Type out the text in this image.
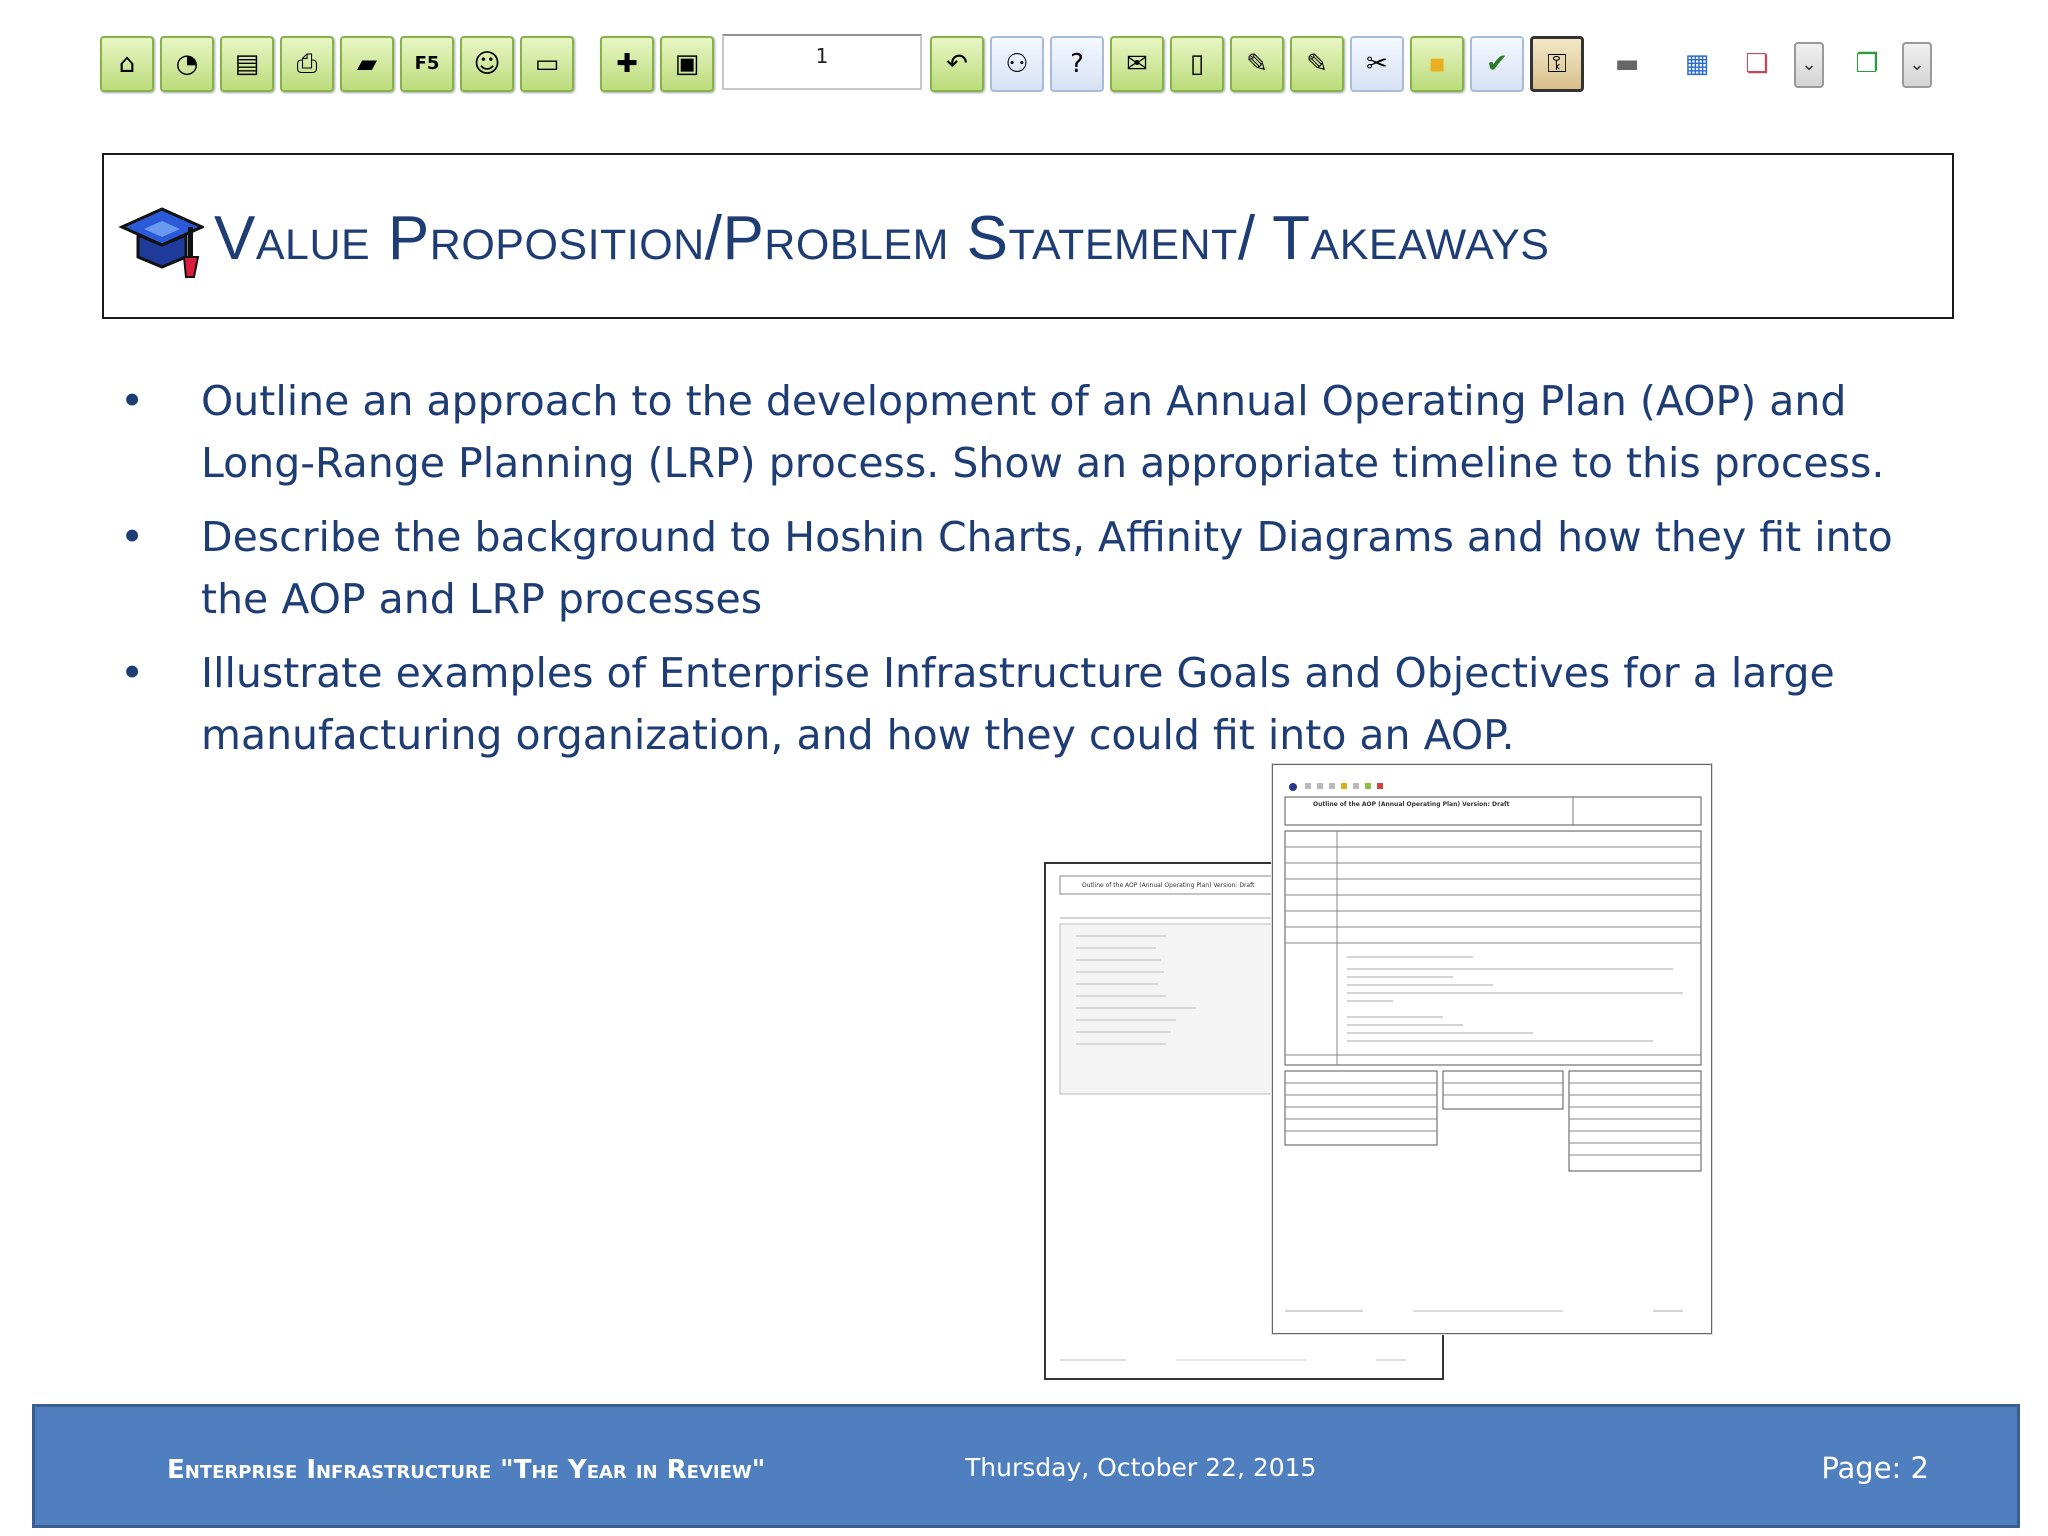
⌂ ◔ ▤ ⎙ ▰ F5 ☺ ▭ ✚ ▣	1	↶ ⚇ ? ✉ ▯ ✎ ✎ ✂ ▪ ✔ ⚿ ▬ ▦ ❏ ⌄ ❐ ⌄
Value Proposition/Problem Statement/ Takeaways
• Outline an approach to the development of an Annual Operating Plan (AOP) and Long-Range Planning (LRP) process. Show an appropriate timeline to this process.
• Describe the background to Hoshin Charts, Affinity Diagrams and how they fit into the AOP and LRP processes
• Illustrate examples of Enterprise Infrastructure Goals and Objectives for a large manufacturing organization, and how they could fit into an AOP.
Outline of the AOP (Annual Operating Plan) Version: Draft
Outline of the AOP (Annual Operating Plan) Version: Draft
Enterprise Infrastructure "The Year in Review"	Thursday, October 22, 2015	Page: 2
